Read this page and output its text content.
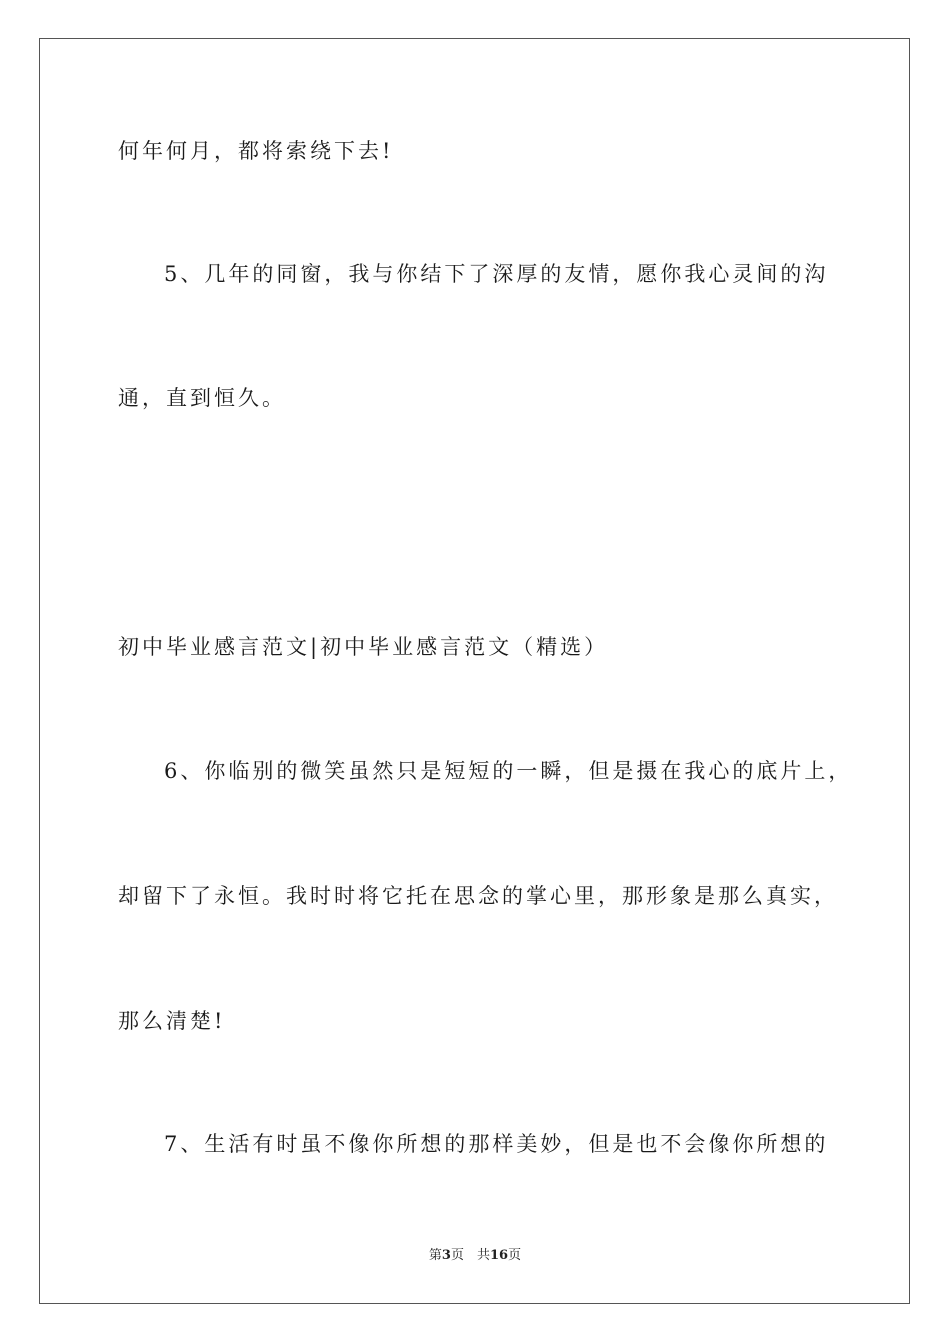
何年何月，都将索绕下去!
5、几年的同窗，我与你结下了深厚的友情，愿你我心灵间的沟
通，直到恒久。
初中毕业感言范文|初中毕业感言范文（精选）
6、你临别的微笑虽然只是短短的一瞬，但是摄在我心的底片上，
却留下了永恒。我时时将它托在思念的掌心里，那形象是那么真实，
那么清楚!
7、生活有时虽不像你所想的那样美妙，但是也不会像你所想的
第3页　共16页
